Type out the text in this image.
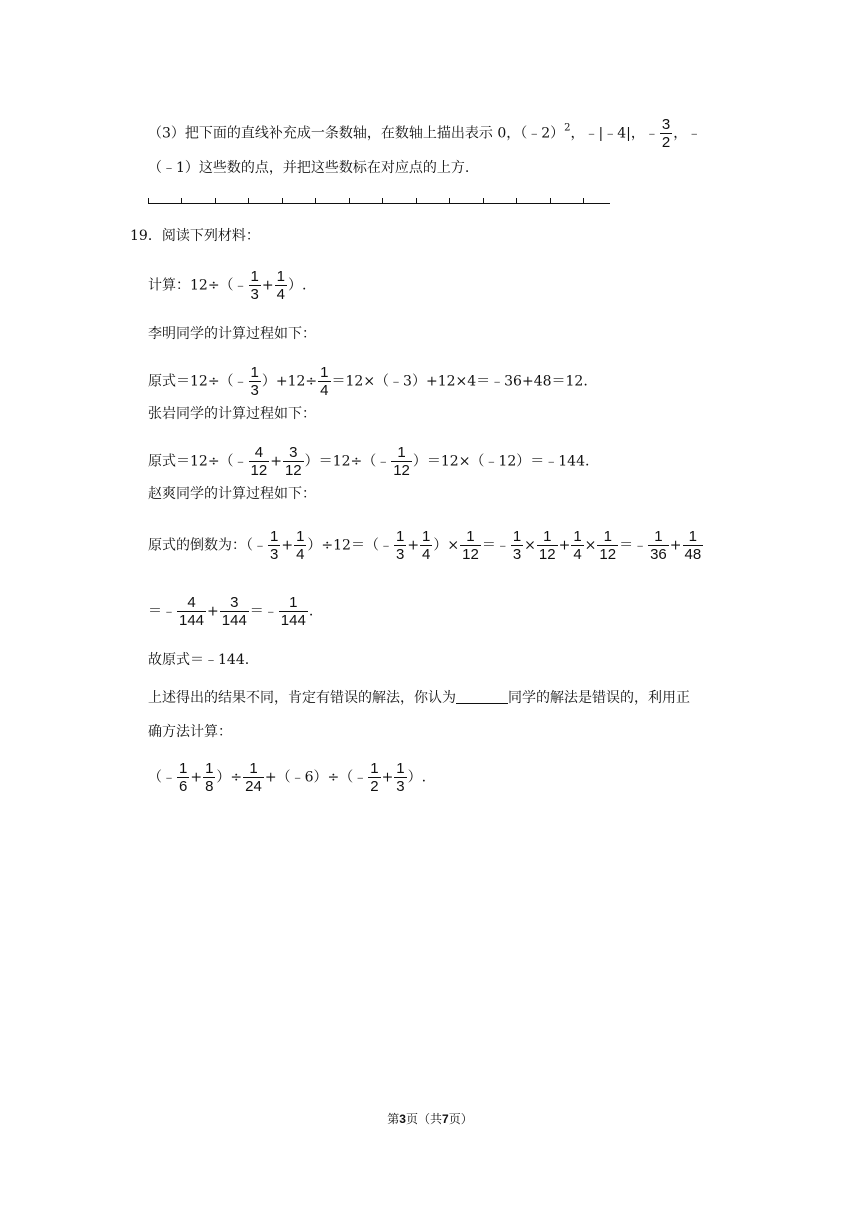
（3）把下面的直线补充成一条数轴，在数轴上描出表示 0，（﹣2）$^2$，﹣|﹣4|，﹣ $\frac{3}{2}$ ，﹣
（﹣1）这些数的点，并把这些数标在对应点的上方.
19．阅读下列材料：
计算：12÷（﹣ $\frac{1}{3} + \frac{1}{4}$ ）.
李明同学的计算过程如下：
原式＝12÷（﹣ $\frac{1}{3} )+12\div \frac{1}{4}$ ＝12×（﹣3）+12×4＝﹣36+48＝12.
张岩同学的计算过程如下：
原式＝12÷（﹣ $\frac{4}{12} + \frac{3}{12}$ ）＝12÷（﹣ $\frac{1}{12}$ ）＝12×（﹣12）＝﹣144.
赵爽同学的计算过程如下：
原式的倒数为：（﹣ $\frac{1}{3} + \frac{1}{4}$ ）÷12＝（﹣ $\frac{1}{3} + \frac{1}{4}$ ）× $\frac{1}{12}$ ＝﹣ $\frac{1}{3} \times \frac{1}{12} + \frac{1}{4} \times \frac{1}{12}$ ＝﹣ $\frac{1}{36} + \frac{1}{48}$
＝﹣ $\frac{4}{144} + \frac{3}{144}$ ＝﹣ $\frac{1}{144}$ .
故原式＝﹣144.
上述得出的结果不同，肯定有错误的解法，你认为	同学的解法是错误的，利用正
确方法计算：
（﹣ $\frac{1}{6} + \frac{1}{8}$ ）÷ $\frac{1}{24}$ +（﹣6）÷（﹣ $\frac{1}{2} + \frac{1}{3}$ ）.
第3页（共7页）
